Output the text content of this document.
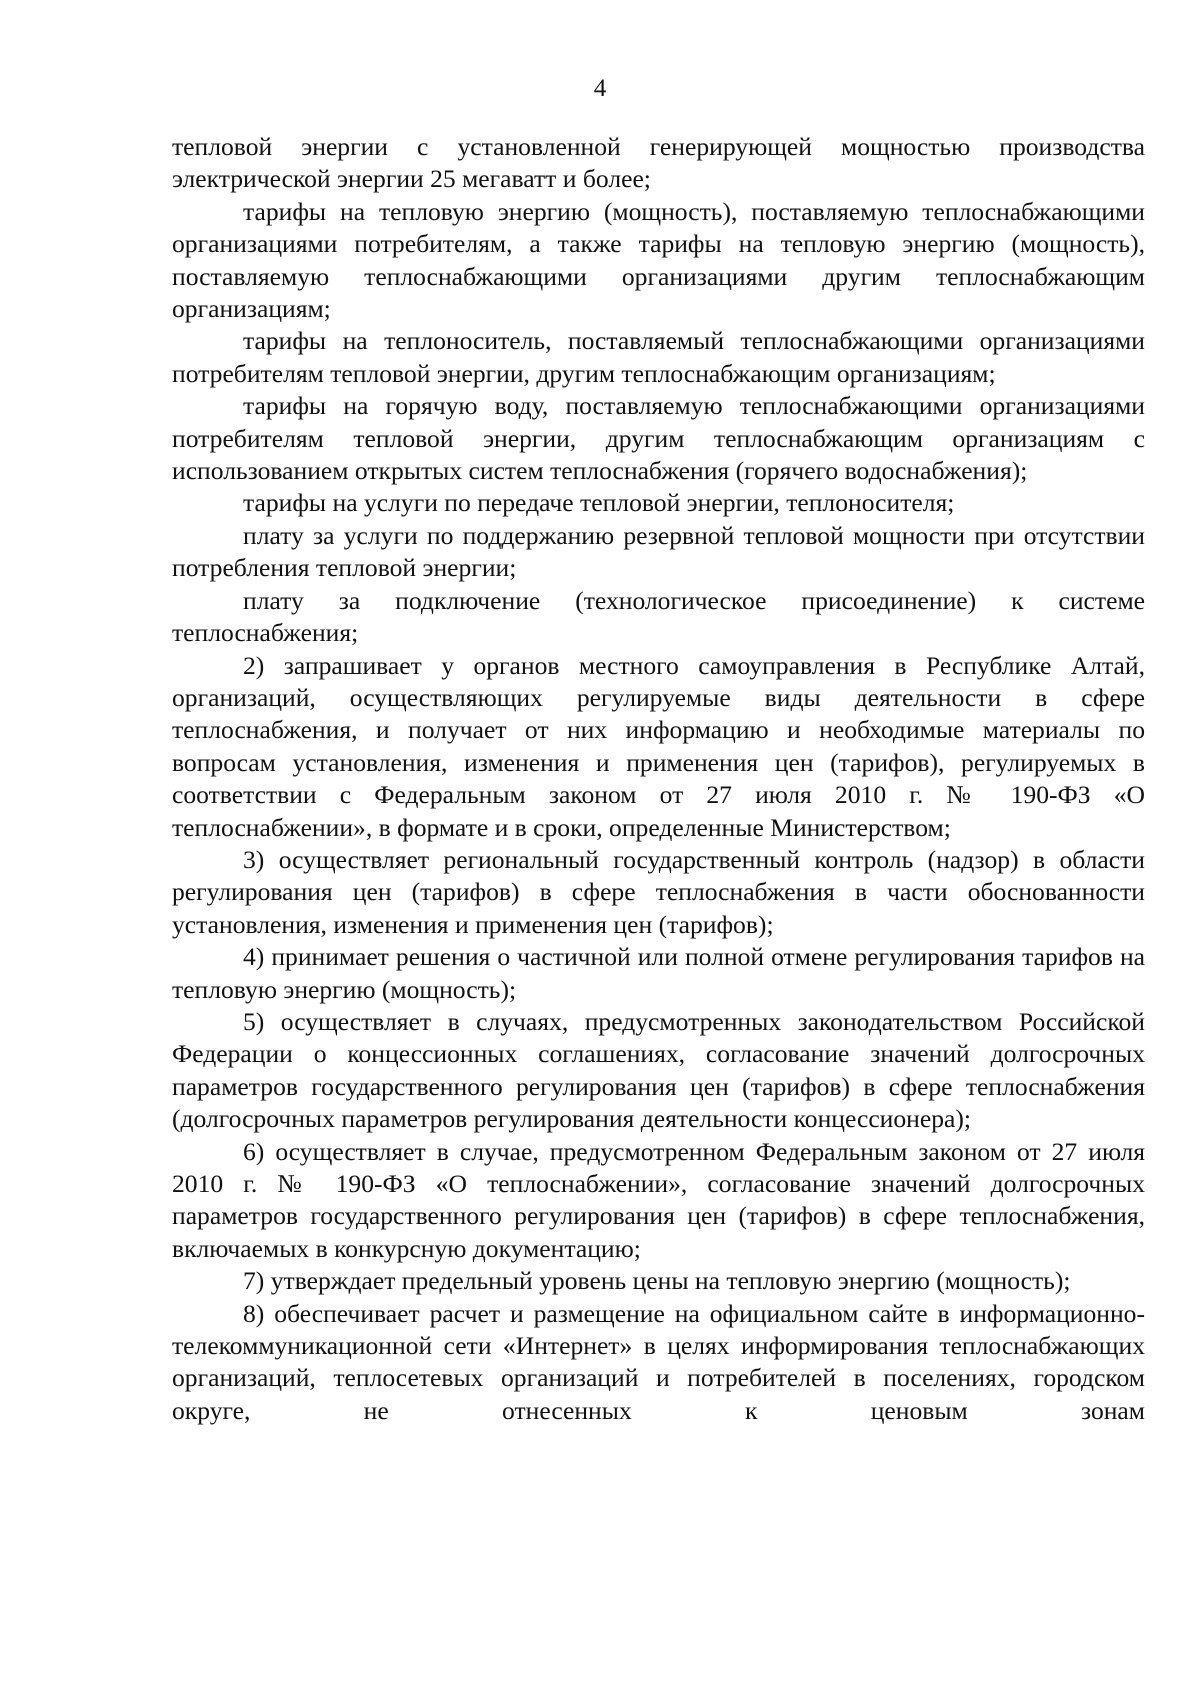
4

тепловой энергии с установленной генерирующей мощностью производства электрической энергии 25 мегаватт и более;

тарифы на тепловую энергию (мощность), поставляемую теплоснабжающими организациями потребителям, а также тарифы на тепловую энергию (мощность), поставляемую теплоснабжающими организациями другим теплоснабжающим организациям;

тарифы на теплоноситель, поставляемый теплоснабжающими организациями потребителям тепловой энергии, другим теплоснабжающим организациям;

тарифы на горячую воду, поставляемую теплоснабжающими организациями потребителям тепловой энергии, другим теплоснабжающим организациям с использованием открытых систем теплоснабжения (горячего водоснабжения);

тарифы на услуги по передаче тепловой энергии, теплоносителя;

плату за услуги по поддержанию резервной тепловой мощности при отсутствии потребления тепловой энергии;

плату за подключение (технологическое присоединение) к системе теплоснабжения;

2) запрашивает у органов местного самоуправления в Республике Алтай, организаций, осуществляющих регулируемые виды деятельности в сфере теплоснабжения, и получает от них информацию и необходимые материалы по вопросам установления, изменения и применения цен (тарифов), регулируемых в соответствии с Федеральным законом от 27 июля 2010 г. № 190-ФЗ «О теплоснабжении», в формате и в сроки, определенные Министерством;

3) осуществляет региональный государственный контроль (надзор) в области регулирования цен (тарифов) в сфере теплоснабжения в части обоснованности установления, изменения и применения цен (тарифов);

4) принимает решения о частичной или полной отмене регулирования тарифов на тепловую энергию (мощность);

5) осуществляет в случаях, предусмотренных законодательством Российской Федерации о концессионных соглашениях, согласование значений долгосрочных параметров государственного регулирования цен (тарифов) в сфере теплоснабжения (долгосрочных параметров регулирования деятельности концессионера);

6) осуществляет в случае, предусмотренном Федеральным законом от 27 июля 2010 г. № 190-ФЗ «О теплоснабжении», согласование значений долгосрочных параметров государственного регулирования цен (тарифов) в сфере теплоснабжения, включаемых в конкурсную документацию;

7) утверждает предельный уровень цены на тепловую энергию (мощность);

8) обеспечивает расчет и размещение на официальном сайте в информационно-телекоммуникационной сети «Интернет» в целях информирования теплоснабжающих организаций, теплосетевых организаций и потребителей в поселениях, городском округе, не отнесенных к ценовым зонам
